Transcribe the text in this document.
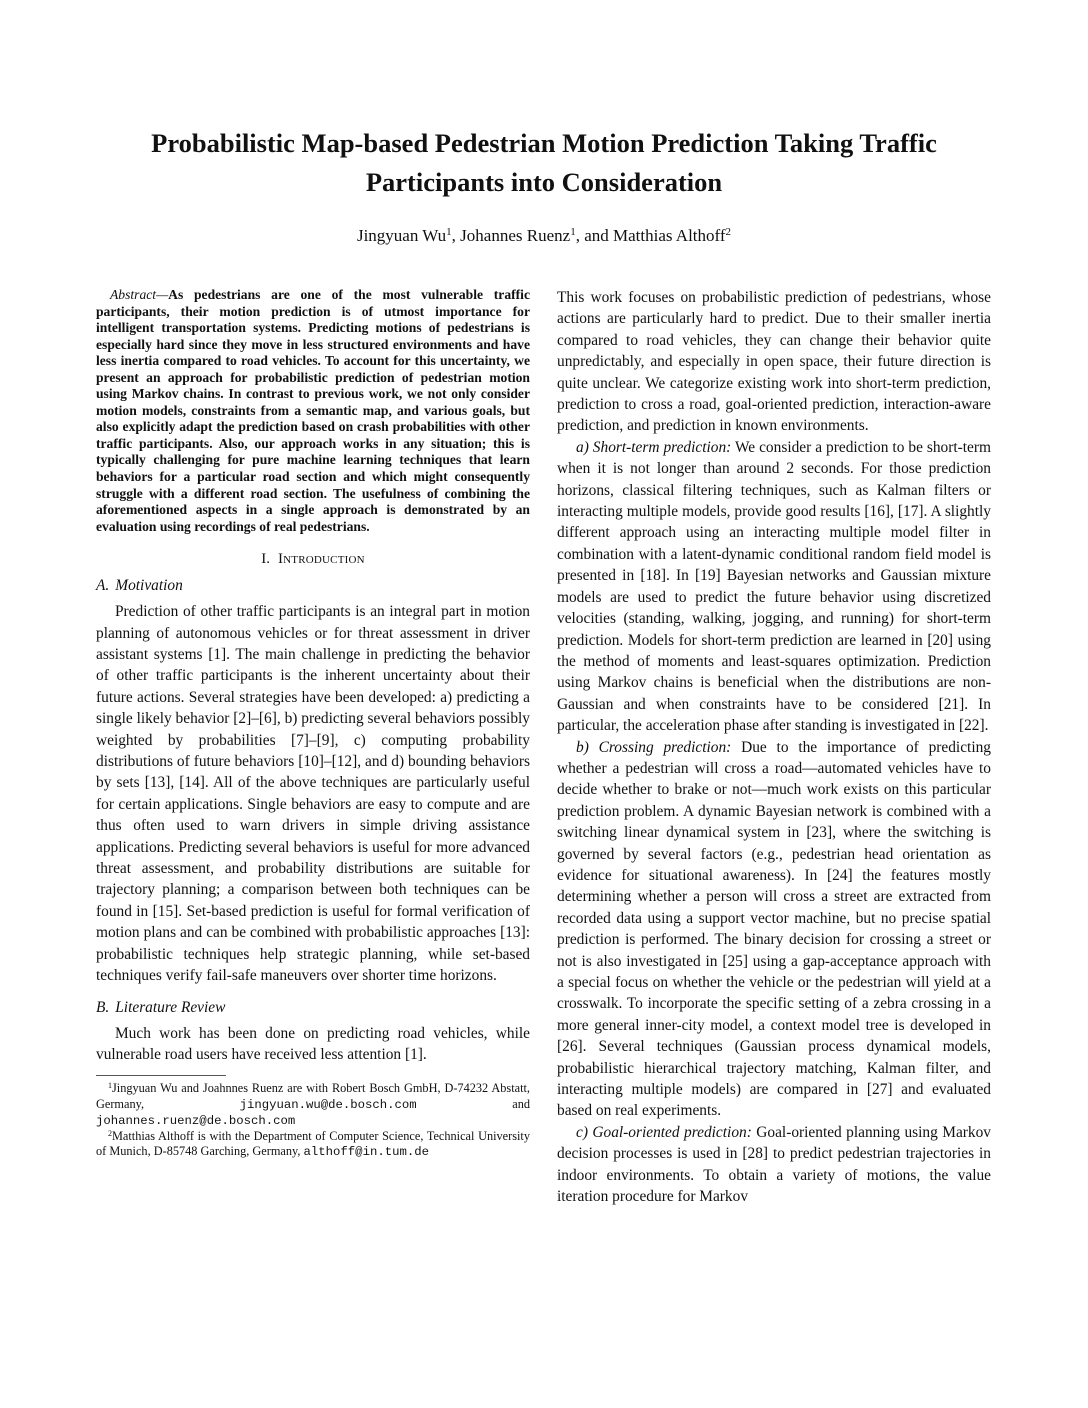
Probabilistic Map-based Pedestrian Motion Prediction Taking Traffic Participants into Consideration
Jingyuan Wu$^1$, Johannes Ruenz$^1$, and Matthias Althoff$^2$

Abstract—As pedestrians are one of the most vulnerable traffic participants, their motion prediction is of utmost importance for intelligent transportation systems. Predicting motions of pedestrians is especially hard since they move in less structured environments and have less inertia compared to road vehicles. To account for this uncertainty, we present an approach for probabilistic prediction of pedestrian motion using Markov chains. In contrast to previous work, we not only consider motion models, constraints from a semantic map, and various goals, but also explicitly adapt the prediction based on crash probabilities with other traffic participants. Also, our approach works in any situation; this is typically challenging for pure machine learning techniques that learn behaviors for a particular road section and which might consequently struggle with a different road section. The usefulness of combining the aforementioned aspects in a single approach is demonstrated by an evaluation using recordings of real pedestrians.

I. Introduction
A. Motivation

Prediction of other traffic participants is an integral part in motion planning of autonomous vehicles or for threat assessment in driver assistant systems [1]. The main challenge in predicting the behavior of other traffic participants is the inherent uncertainty about their future actions. Several strategies have been developed: a) predicting a single likely behavior [2]–[6], b) predicting several behaviors possibly weighted by probabilities [7]–[9], c) computing probability distributions of future behaviors [10]–[12], and d) bounding behaviors by sets [13], [14]. All of the above techniques are particularly useful for certain applications. Single behaviors are easy to compute and are thus often used to warn drivers in simple driving assistance applications. Predicting several behaviors is useful for more advanced threat assessment, and probability distributions are suitable for trajectory planning; a comparison between both techniques can be found in [15]. Set-based prediction is useful for formal verification of motion plans and can be combined with probabilistic approaches [13]: probabilistic techniques help strategic planning, while set-based techniques verify fail-safe maneuvers over shorter time horizons.

B. Literature Review

Much work has been done on predicting road vehicles, while vulnerable road users have received less attention [1].

$^1$Jingyuan Wu and Joahnnes Ruenz are with Robert Bosch GmbH, D-74232 Abstatt, Germany, jingyuan.wu@de.bosch.com and johannes.ruenz@de.bosch.com

$^2$Matthias Althoff is with the Department of Computer Science, Technical University of Munich, D-85748 Garching, Germany, althoff@in.tum.de

This work focuses on probabilistic prediction of pedestrians, whose actions are particularly hard to predict. Due to their smaller inertia compared to road vehicles, they can change their behavior quite unpredictably, and especially in open space, their future direction is quite unclear. We categorize existing work into short-term prediction, prediction to cross a road, goal-oriented prediction, interaction-aware prediction, and prediction in known environments.

a) Short-term prediction: We consider a prediction to be short-term when it is not longer than around 2 seconds. For those prediction horizons, classical filtering techniques, such as Kalman filters or interacting multiple models, provide good results [16], [17]. A slightly different approach using an interacting multiple model filter in combination with a latent-dynamic conditional random field model is presented in [18]. In [19] Bayesian networks and Gaussian mixture models are used to predict the future behavior using discretized velocities (standing, walking, jogging, and running) for short-term prediction. Models for short-term prediction are learned in [20] using the method of moments and least-squares optimization. Prediction using Markov chains is beneficial when the distributions are non-Gaussian and when constraints have to be considered [21]. In particular, the acceleration phase after standing is investigated in [22].

b) Crossing prediction: Due to the importance of predicting whether a pedestrian will cross a road—automated vehicles have to decide whether to brake or not—much work exists on this particular prediction problem. A dynamic Bayesian network is combined with a switching linear dynamical system in [23], where the switching is governed by several factors (e.g., pedestrian head orientation as evidence for situational awareness). In [24] the features mostly determining whether a person will cross a street are extracted from recorded data using a support vector machine, but no precise spatial prediction is performed. The binary decision for crossing a street or not is also investigated in [25] using a gap-acceptance approach with a special focus on whether the vehicle or the pedestrian will yield at a crosswalk. To incorporate the specific setting of a zebra crossing in a more general inner-city model, a context model tree is developed in [26]. Several techniques (Gaussian process dynamical models, probabilistic hierarchical trajectory matching, Kalman filter, and interacting multiple models) are compared in [27] and evaluated based on real experiments.

c) Goal-oriented prediction: Goal-oriented planning using Markov decision processes is used in [28] to predict pedestrian trajectories in indoor environments. To obtain a variety of motions, the value iteration procedure for Markov
